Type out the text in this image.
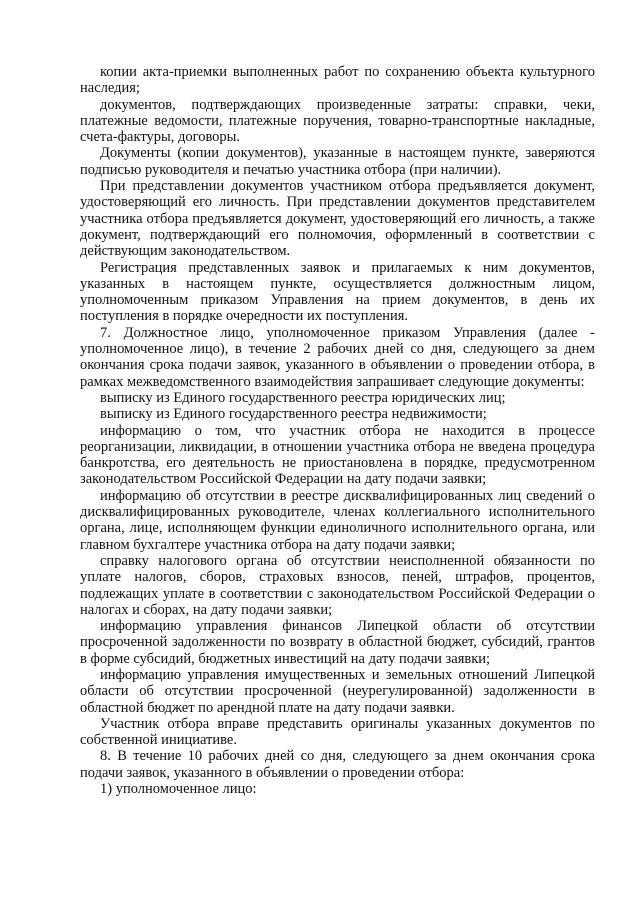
копии акта-приемки выполненных работ по сохранению объекта культурного наследия;

документов, подтверждающих произведенные затраты: справки, чеки, платежные ведомости, платежные поручения, товарно-транспортные накладные, счета-фактуры, договоры.

Документы (копии документов), указанные в настоящем пункте, заверяются подписью руководителя и печатью участника отбора (при наличии).

При представлении документов участником отбора предъявляется документ, удостоверяющий его личность. При представлении документов представителем участника отбора предъявляется документ, удостоверяющий его личность, а также документ, подтверждающий его полномочия, оформленный в соответствии с действующим законодательством.

Регистрация представленных заявок и прилагаемых к ним документов, указанных в настоящем пункте, осуществляется должностным лицом, уполномоченным приказом Управления на прием документов, в день их поступления в порядке очередности их поступления.

7. Должностное лицо, уполномоченное приказом Управления (далее - уполномоченное лицо), в течение 2 рабочих дней со дня, следующего за днем окончания срока подачи заявок, указанного в объявлении о проведении отбора, в рамках межведомственного взаимодействия запрашивает следующие документы:

выписку из Единого государственного реестра юридических лиц;

выписку из Единого государственного реестра недвижимости;

информацию о том, что участник отбора не находится в процессе реорганизации, ликвидации, в отношении участника отбора не введена процедура банкротства, его деятельность не приостановлена в порядке, предусмотренном законодательством Российской Федерации на дату подачи заявки;

информацию об отсутствии в реестре дисквалифицированных лиц сведений о дисквалифицированных руководителе, членах коллегиального исполнительного органа, лице, исполняющем функции единоличного исполнительного органа, или главном бухгалтере участника отбора на дату подачи заявки;

справку налогового органа об отсутствии неисполненной обязанности по уплате налогов, сборов, страховых взносов, пеней, штрафов, процентов, подлежащих уплате в соответствии с законодательством Российской Федерации о налогах и сборах, на дату подачи заявки;

информацию управления финансов Липецкой области об отсутствии просроченной задолженности по возврату в областной бюджет, субсидий, грантов в форме субсидий, бюджетных инвестиций на дату подачи заявки;

информацию управления имущественных и земельных отношений Липецкой области об отсутствии просроченной (неурегулированной) задолженности в областной бюджет по арендной плате на дату подачи заявки.

Участник отбора вправе представить оригиналы указанных документов по собственной инициативе.

8. В течение 10 рабочих дней со дня, следующего за днем окончания срока подачи заявок, указанного в объявлении о проведении отбора:

1) уполномоченное лицо:
